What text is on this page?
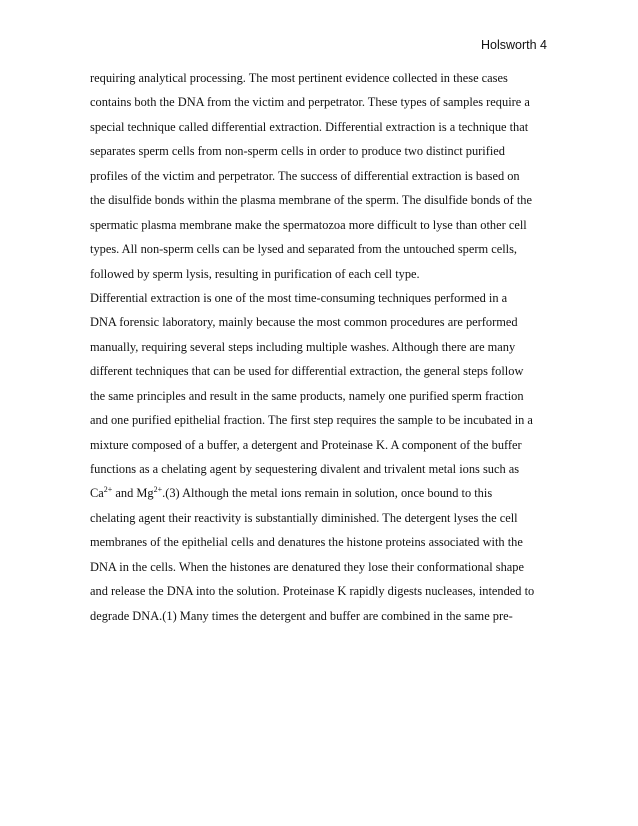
Holsworth 4
requiring analytical processing. The most pertinent evidence collected in these cases
contains both the DNA from the victim and perpetrator. These types of samples require a
special technique called differential extraction. Differential extraction is a technique that
separates sperm cells from non-sperm cells in order to produce two distinct purified
profiles of the victim and perpetrator. The success of differential extraction is based on
the disulfide bonds within the plasma membrane of the sperm. The disulfide bonds of the
spermatic plasma membrane make the spermatozoa more difficult to lyse than other cell
types. All non-sperm cells can be lysed and separated from the untouched sperm cells,
followed by sperm lysis, resulting in purification of each cell type.
Differential extraction is one of the most time-consuming techniques performed in a
DNA forensic laboratory, mainly because the most common procedures are performed
manually, requiring several steps including multiple washes. Although there are many
different techniques that can be used for differential extraction, the general steps follow
the same principles and result in the same products, namely one purified sperm fraction
and one purified epithelial fraction. The first step requires the sample to be incubated in a
mixture composed of a buffer, a detergent and Proteinase K. A component of the buffer
functions as a chelating agent by sequestering divalent and trivalent metal ions such as
$Ca^{2+}$ and $Mg^{2+}.(3)$ Although the metal ions remain in solution, once bound to this
chelating agent their reactivity is substantially diminished. The detergent lyses the cell
membranes of the epithelial cells and denatures the histone proteins associated with the
DNA in the cells. When the histones are denatured they lose their conformational shape
and release the DNA into the solution. Proteinase K rapidly digests nucleases, intended to
degrade DNA.(1) Many times the detergent and buffer are combined in the same pre-
